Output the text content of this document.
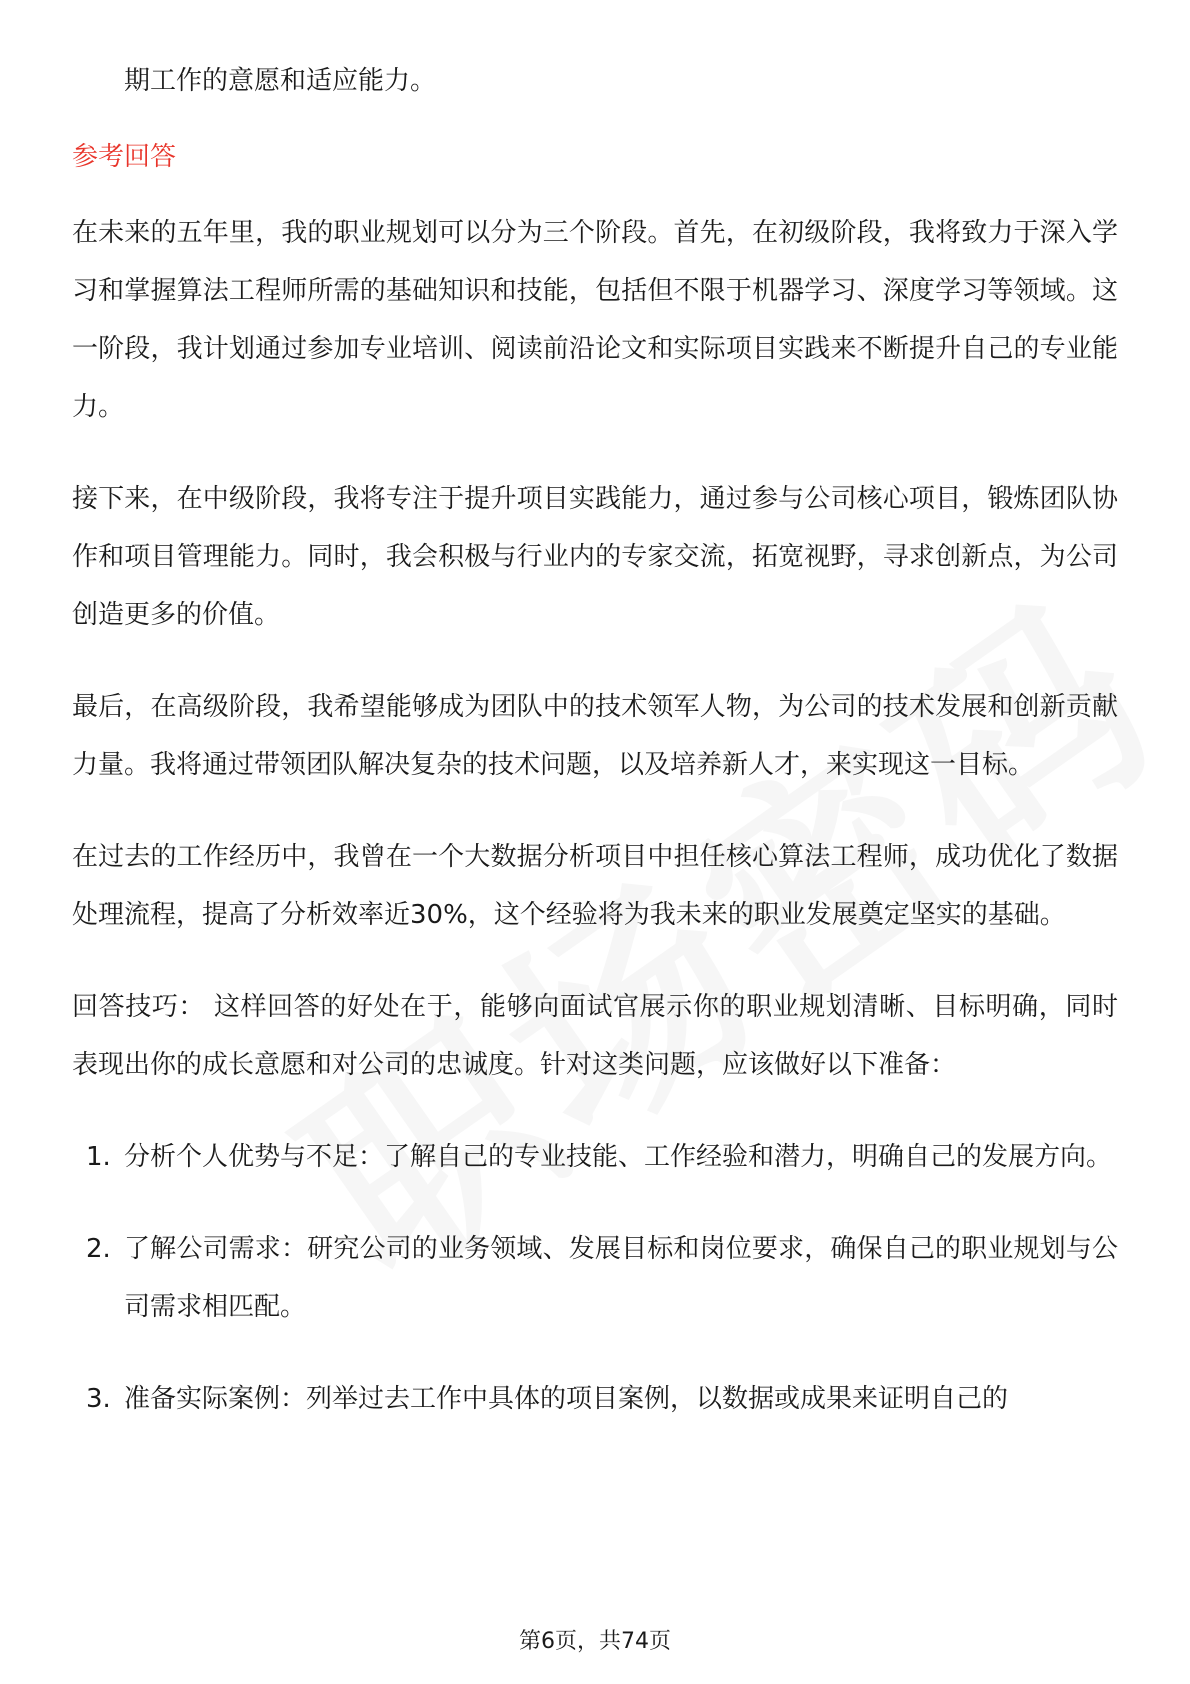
期工作的意愿和适应能力。

参考回答

在未来的五年里，我的职业规划可以分为三个阶段。首先，在初级阶段，我将致力于深入学习和掌握算法工程师所需的基础知识和技能，包括但不限于机器学习、深度学习等领域。这一阶段，我计划通过参加专业培训、阅读前沿论文和实际项目实践来不断提升自己的专业能力。

接下来，在中级阶段，我将专注于提升项目实践能力，通过参与公司核心项目，锻炼团队协作和项目管理能力。同时，我会积极与行业内的专家交流，拓宽视野，寻求创新点，为公司创造更多的价值。

最后，在高级阶段，我希望能够成为团队中的技术领军人物，为公司的技术发展和创新贡献力量。我将通过带领团队解决复杂的技术问题，以及培养新人才，来实现这一目标。

在过去的工作经历中，我曾在一个大数据分析项目中担任核心算法工程师，成功优化了数据处理流程，提高了分析效率近30%，这个经验将为我未来的职业发展奠定坚实的基础。

回答技巧： 这样回答的好处在于，能够向面试官展示你的职业规划清晰、目标明确，同时表现出你的成长意愿和对公司的忠诚度。针对这类问题，应该做好以下准备：

1. 分析个人优势与不足：了解自己的专业技能、工作经验和潜力，明确自己的发展方向。
2. 了解公司需求：研究公司的业务领域、发展目标和岗位要求，确保自己的职业规划与公司需求相匹配。
3. 准备实际案例：列举过去工作中具体的项目案例，以数据或成果来证明自己的
第6页，共74页
